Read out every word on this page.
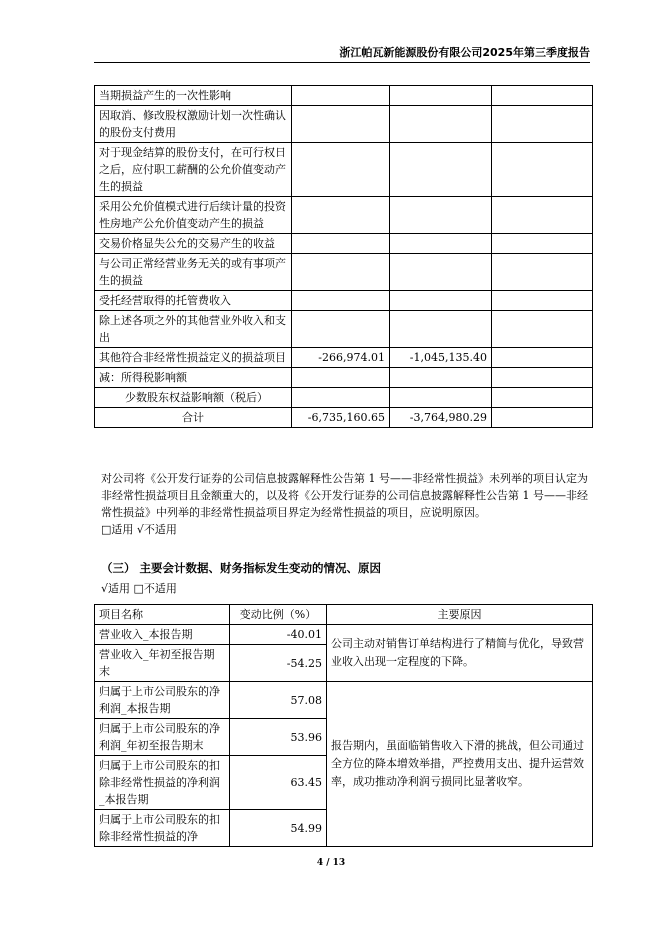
浙江帕瓦新能源股份有限公司2025年第三季度报告
当期损益产生的一次性影响			
因取消、修改股权激励计划一次性确认的股份支付费用			
对于现金结算的股份支付，在可行权日之后，应付职工薪酬的公允价值变动产生的损益			
采用公允价值模式进行后续计量的投资性房地产公允价值变动产生的损益			
交易价格显失公允的交易产生的收益			
与公司正常经营业务无关的或有事项产生的损益			
受托经营取得的托管费收入			
除上述各项之外的其他营业外收入和支出			
其他符合非经常性损益定义的损益项目	-266,974.01	-1,045,135.40	
减：所得税影响额			
少数股东权益影响额（税后）			
合计	-6,735,160.65	-3,764,980.29	
对公司将《公开发行证券的公司信息披露解释性公告第 1 号——非经常性损益》未列举的项目认定为非经常性损益项目且金额重大的，以及将《公开发行证券的公司信息披露解释性公告第 1 号——非经常性损益》中列举的非经常性损益项目界定为经常性损益的项目，应说明原因。
□适用 √不适用
（三） 主要会计数据、财务指标发生变动的情况、原因
√适用 □不适用
项目名称	变动比例（%）	主要原因
营业收入_本报告期	-40.01	公司主动对销售订单结构进行了精简与优化，导致营业收入出现一定程度的下降。
营业收入_年初至报告期末	-54.25	
归属于上市公司股东的净利润_本报告期	57.08	报告期内，虽面临销售收入下滑的挑战，但公司通过全方位的降本增效举措，严控费用支出、提升运营效率，成功推动净利润亏损同比显著收窄。
归属于上市公司股东的净利润_年初至报告期末	53.96	
归属于上市公司股东的扣除非经常性损益的净利润_本报告期	63.45	
归属于上市公司股东的扣除非经常性损益的净	54.99	
4 / 13
